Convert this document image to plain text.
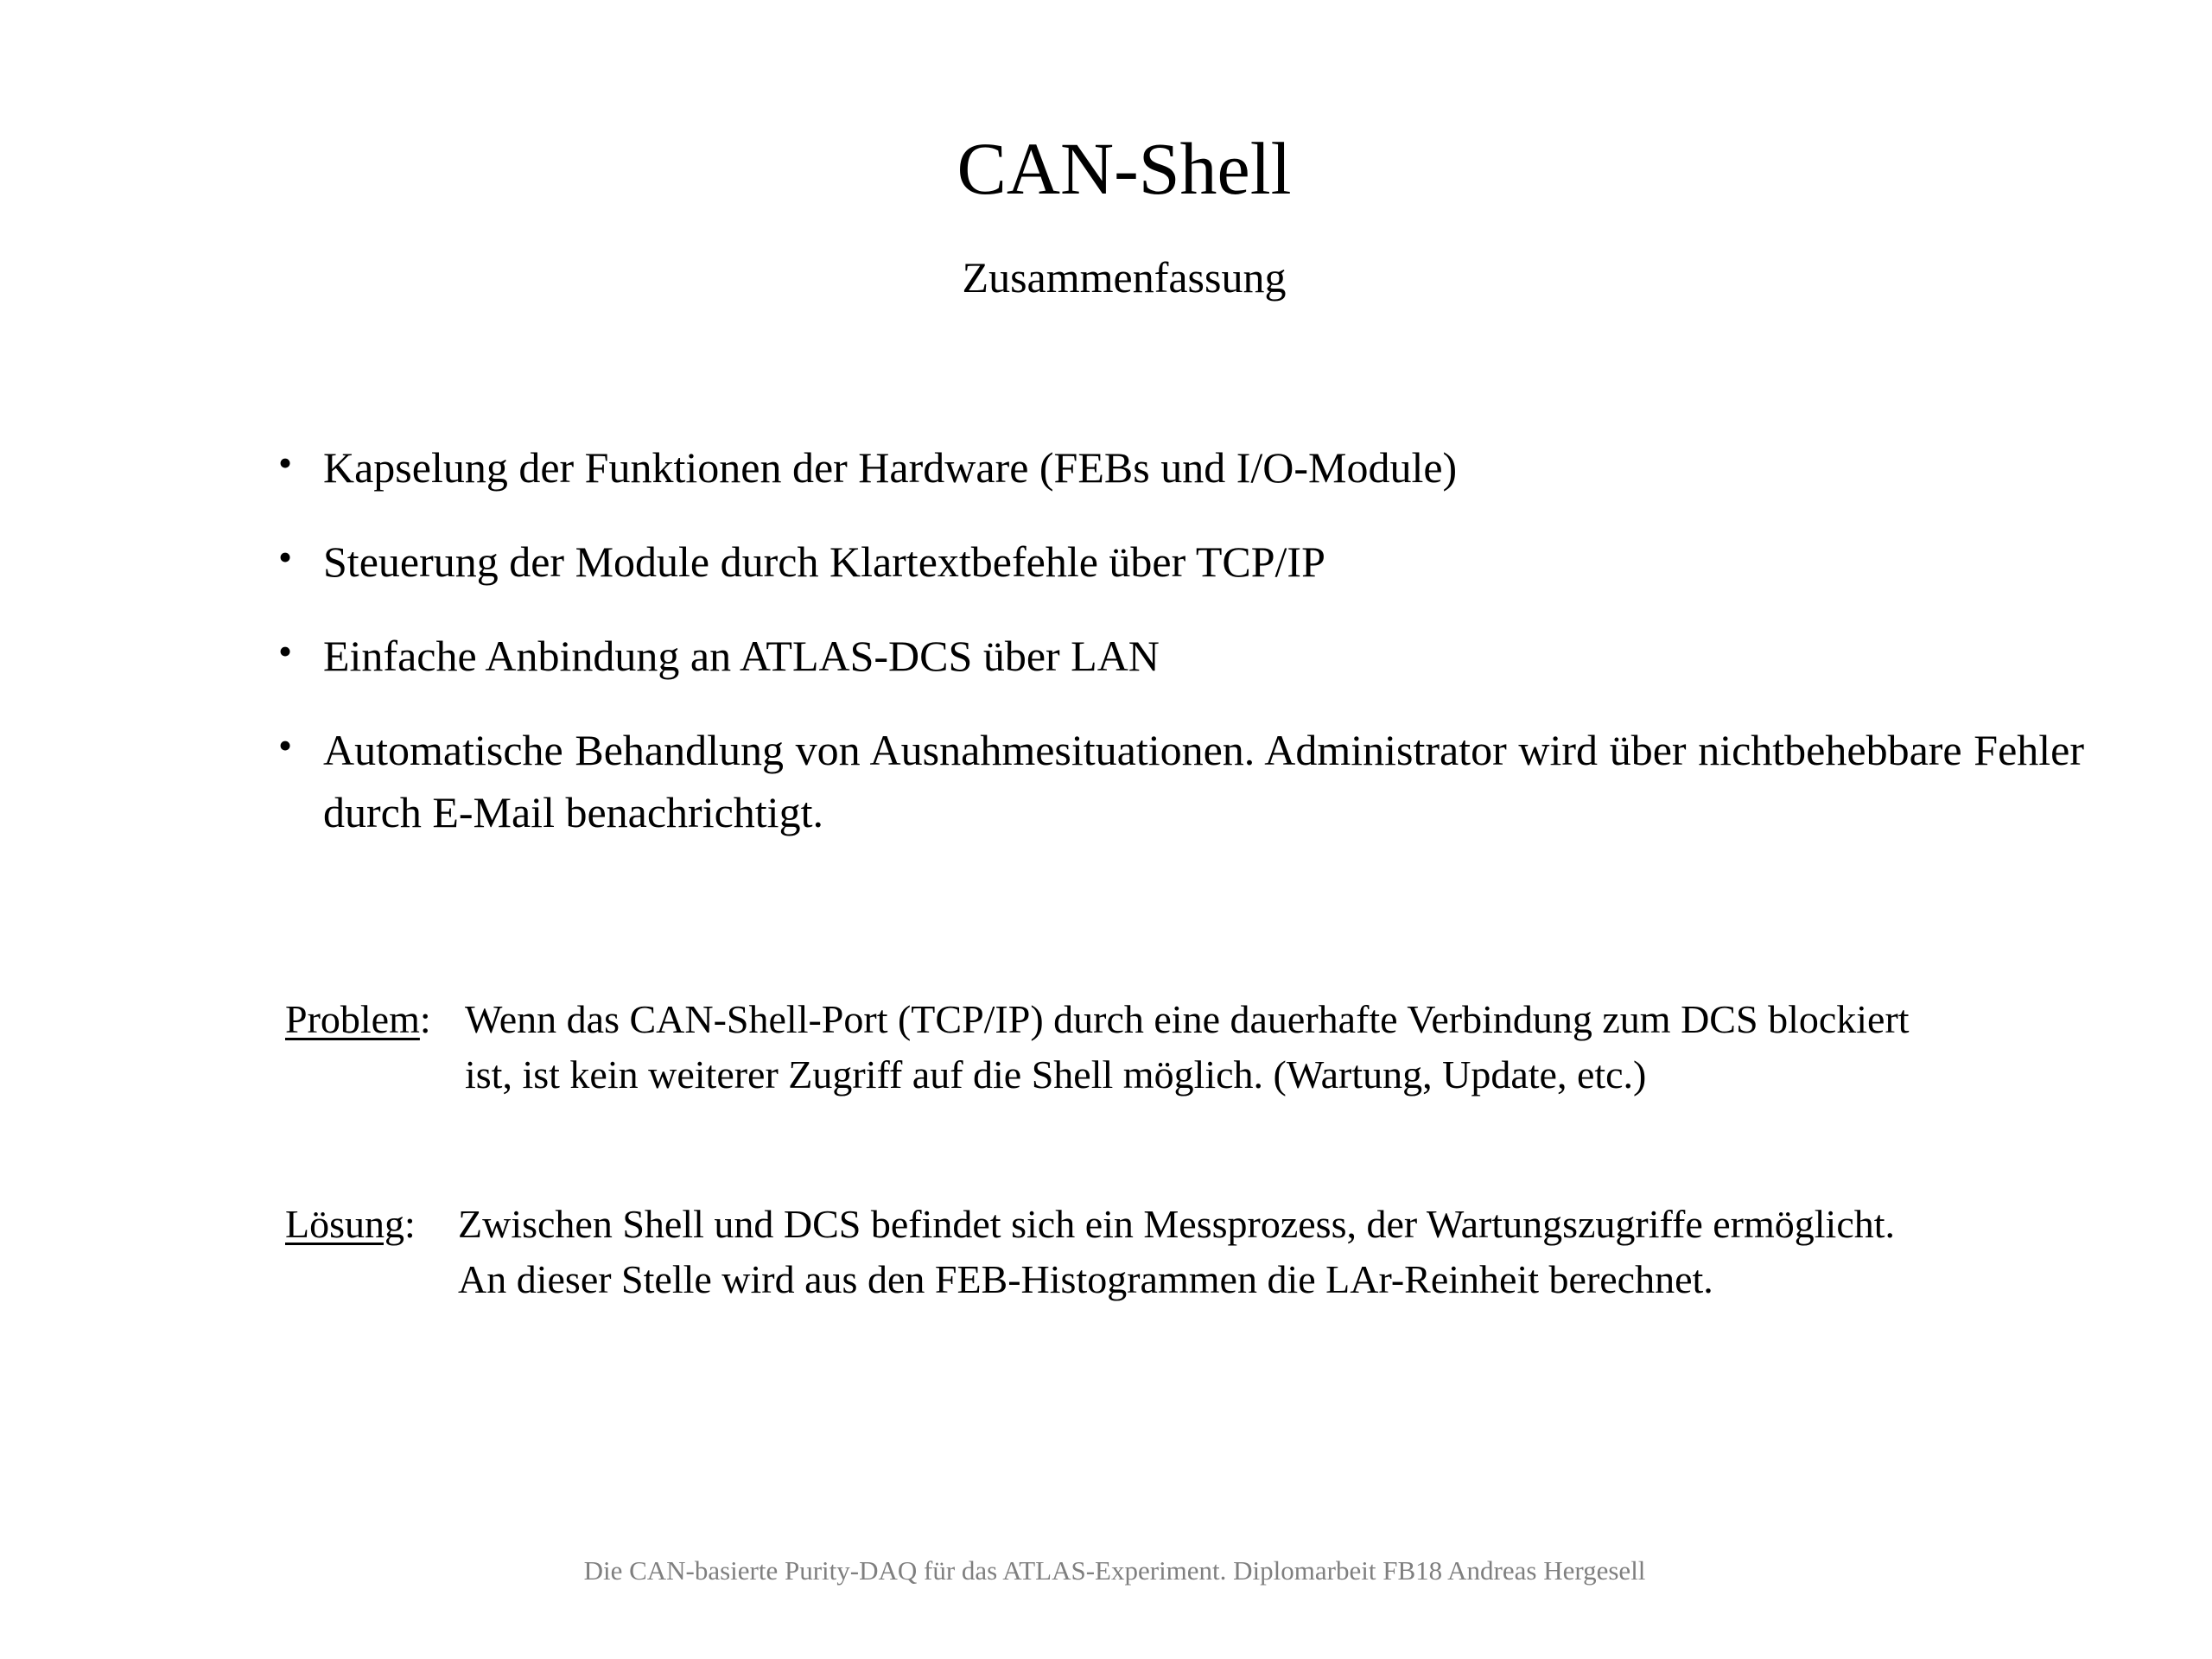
CAN-Shell
Zusammenfassung
• Kapselung der Funktionen der Hardware (FEBs und I/O-Module)
• Steuerung der Module durch Klartextbefehle über TCP/IP
• Einfache Anbindung an ATLAS-DCS über LAN
• Automatische Behandlung von Ausnahmesituationen. Administrator wird über nichtbehebbare Fehler durch E-Mail benachrichtigt.
Problem: Wenn das CAN-Shell-Port (TCP/IP) durch eine dauerhafte Verbindung zum DCS blockiert
ist, ist kein weiterer Zugriff auf die Shell möglich. (Wartung, Update, etc.)
Lösung:	Zwischen Shell und DCS befindet sich ein Messprozess, der Wartungszugriffe ermöglicht.
An dieser Stelle wird aus den FEB-Histogrammen die LAr-Reinheit berechnet.
Die CAN-basierte Purity-DAQ für das ATLAS-Experiment. Diplomarbeit FB18 Andreas Hergesell
